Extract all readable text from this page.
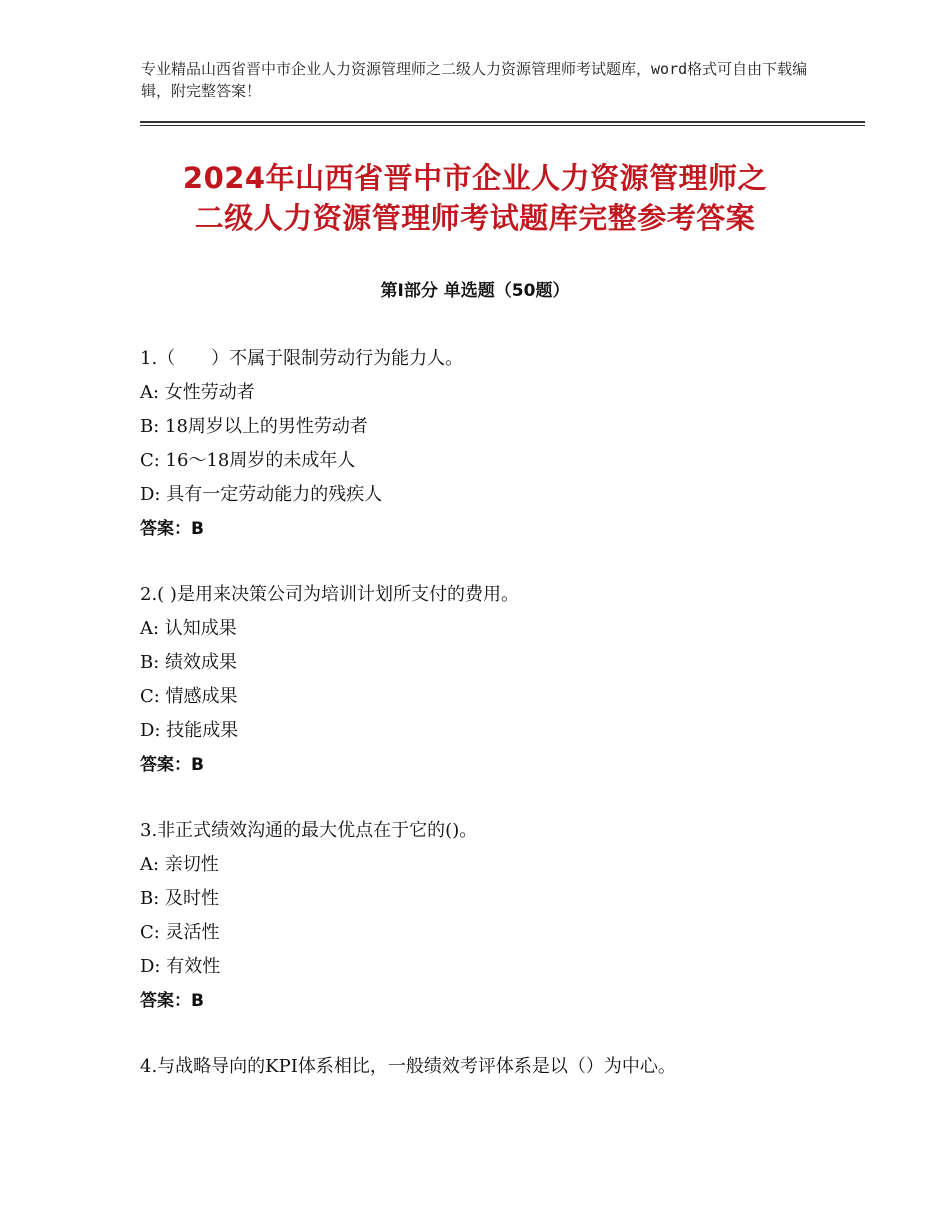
专业精品山西省晋中市企业人力资源管理师之二级人力资源管理师考试题库，word格式可自由下载编辑，附完整答案！
2024年山西省晋中市企业人力资源管理师之
二级人力资源管理师考试题库完整参考答案
第Ⅰ部分 单选题（50题）
1.（　　）不属于限制劳动行为能力人。
A: 女性劳动者
B: 18周岁以上的男性劳动者
C: 16～18周岁的未成年人
D: 具有一定劳动能力的残疾人
答案：B
2.( )是用来决策公司为培训计划所支付的费用。
A: 认知成果
B: 绩效成果
C: 情感成果
D: 技能成果
答案：B
3.非正式绩效沟通的最大优点在于它的()。
A: 亲切性
B: 及时性
C: 灵活性
D: 有效性
答案：B
4.与战略导向的KPI体系相比，一般绩效考评体系是以（）为中心。
